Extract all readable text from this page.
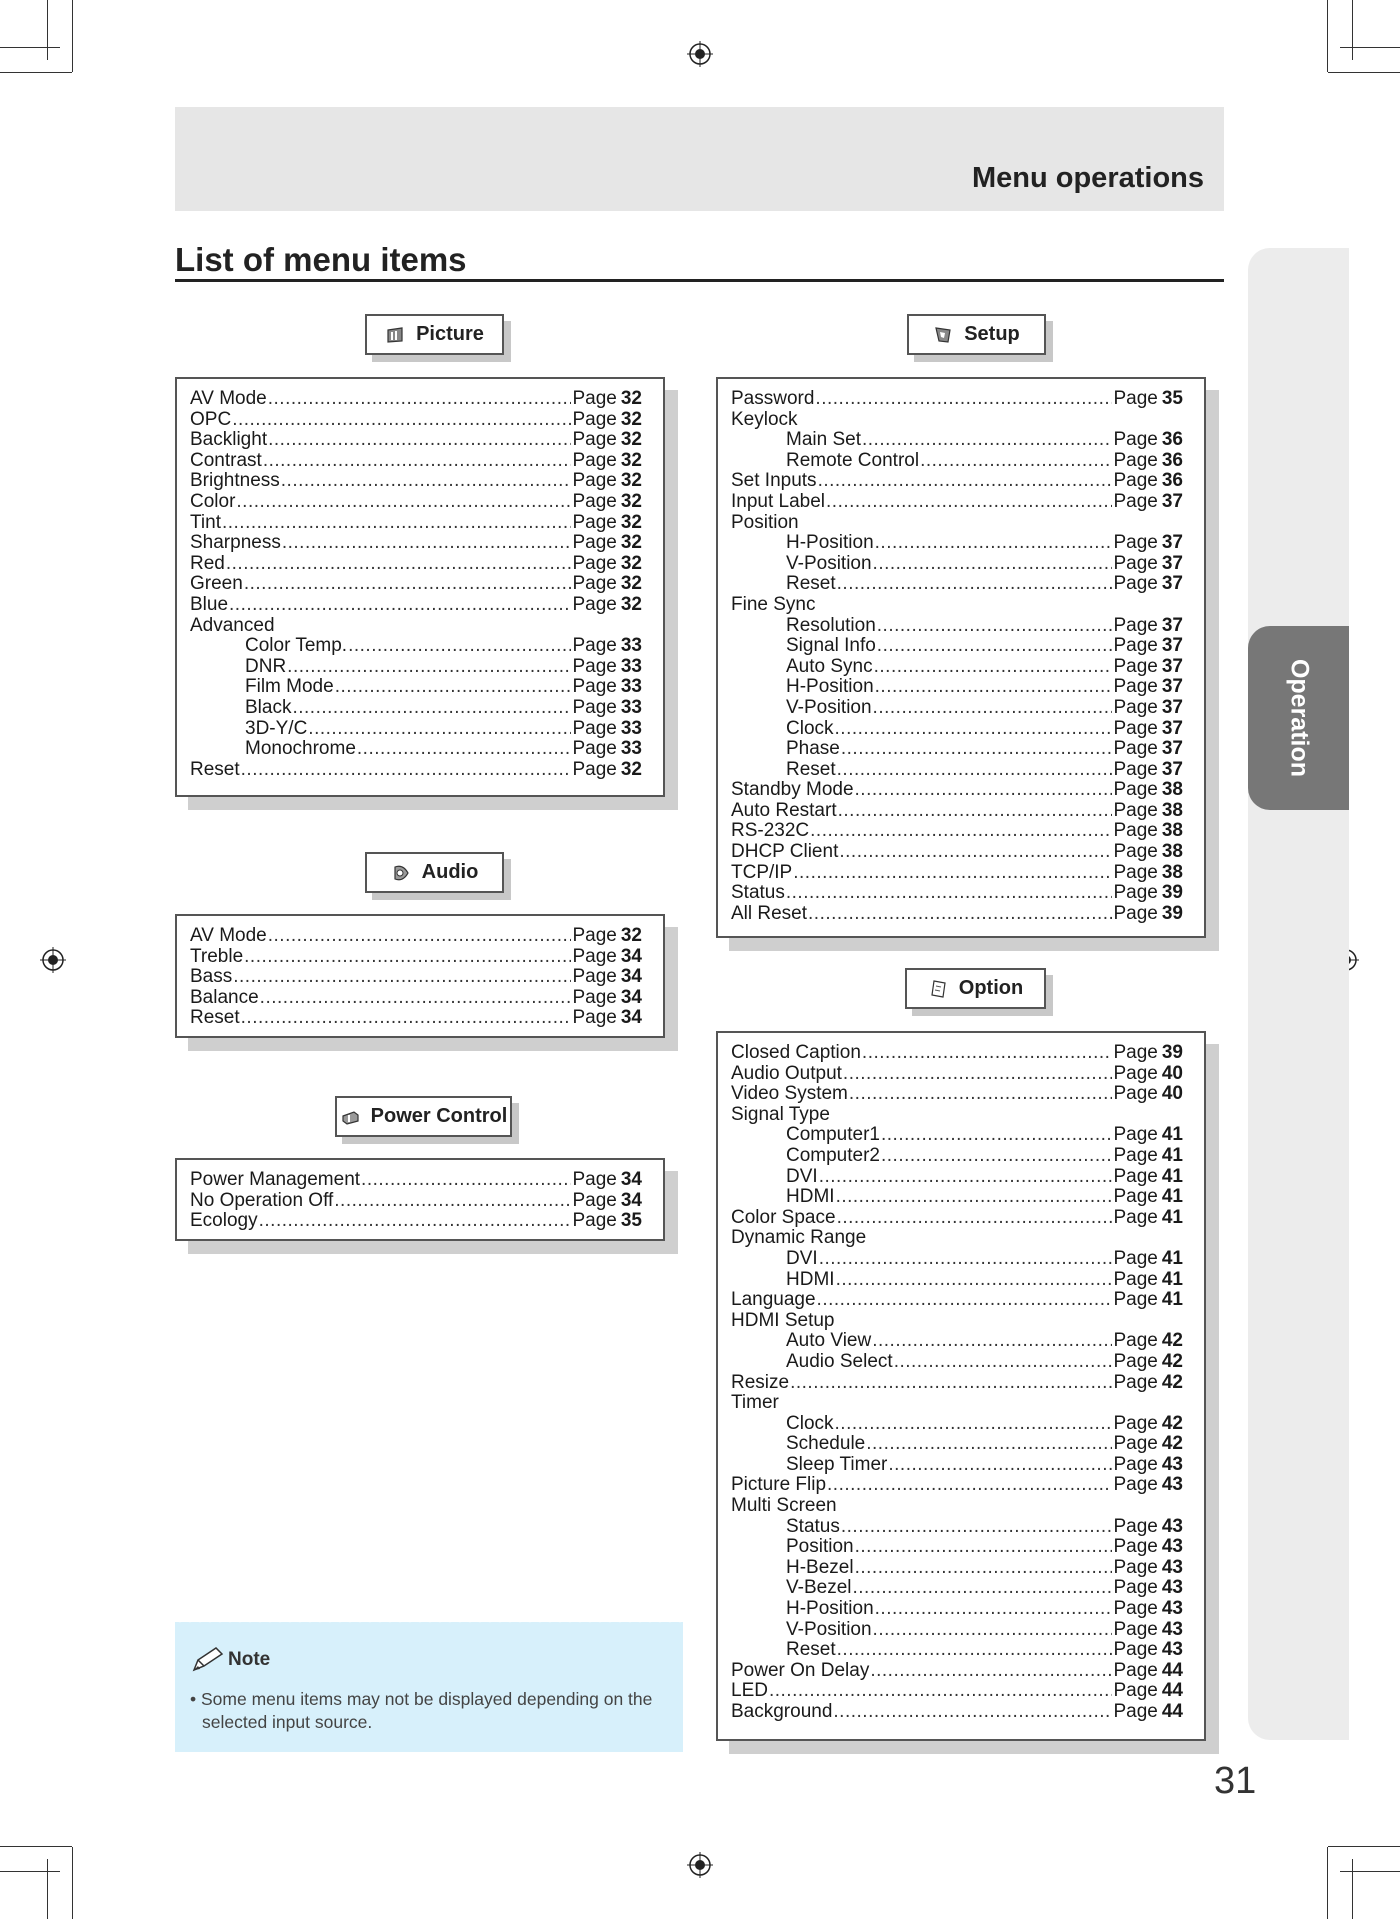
Menu operations
List of menu items
Operation
Picture
AV Mode .....	Page 32
OPC .....	Page 32
Backlight .....	Page 32
Contrast .....	Page 32
Brightness .....	Page 32
Color .....	Page 32
Tint .....	Page 32
Sharpness .....	Page 32
Red .....	Page 32
Green .....	Page 32
Blue .....	Page 32
Advanced
Color Temp. .....	Page 33
DNR .....	Page 33
Film Mode .....	Page 33
Black .....	Page 33
3D-Y/C .....	Page 33
Monochrome .....	Page 33
Reset .....	Page 32
Audio
AV Mode .....	Page 32
Treble .....	Page 34
Bass .....	Page 34
Balance .....	Page 34
Reset .....	Page 34
Power Control
Power Management .....	Page 34
No Operation Off .....	Page 34
Ecology .....	Page 35
Setup
Password .....	Page 35
Keylock
Main Set .....	Page 36
Remote Control .....	Page 36
Set Inputs .....	Page 36
Input Label .....	Page 37
Position
H-Position .....	Page 37
V-Position .....	Page 37
Reset .....	Page 37
Fine Sync
Resolution .....	Page 37
Signal Info .....	Page 37
Auto Sync .....	Page 37
H-Position .....	Page 37
V-Position .....	Page 37
Clock .....	Page 37
Phase .....	Page 37
Reset .....	Page 37
Standby Mode .....	Page 38
Auto Restart .....	Page 38
RS-232C .....	Page 38
DHCP Client .....	Page 38
TCP/IP .....	Page 38
Status .....	Page 39
All Reset .....	Page 39
Option
Closed Caption .....	Page 39
Audio Output .....	Page 40
Video System .....	Page 40
Signal Type
Computer1 .....	Page 41
Computer2 .....	Page 41
DVI .....	Page 41
HDMI .....	Page 41
Color Space .....	Page 41
Dynamic Range
DVI .....	Page 41
HDMI .....	Page 41
Language .....	Page 41
HDMI Setup
Auto View .....	Page 42
Audio Select .....	Page 42
Resize .....	Page 42
Timer
Clock .....	Page 42
Schedule .....	Page 42
Sleep Timer .....	Page 43
Picture Flip .....	Page 43
Multi Screen
Status .....	Page 43
Position .....	Page 43
H-Bezel .....	Page 43
V-Bezel .....	Page 43
H-Position .....	Page 43
V-Position .....	Page 43
Reset .....	Page 43
Power On Delay .....	Page 44
LED .....	Page 44
Background .....	Page 44
Note
• Some menu items may not be displayed depending on the selected input source.
31
